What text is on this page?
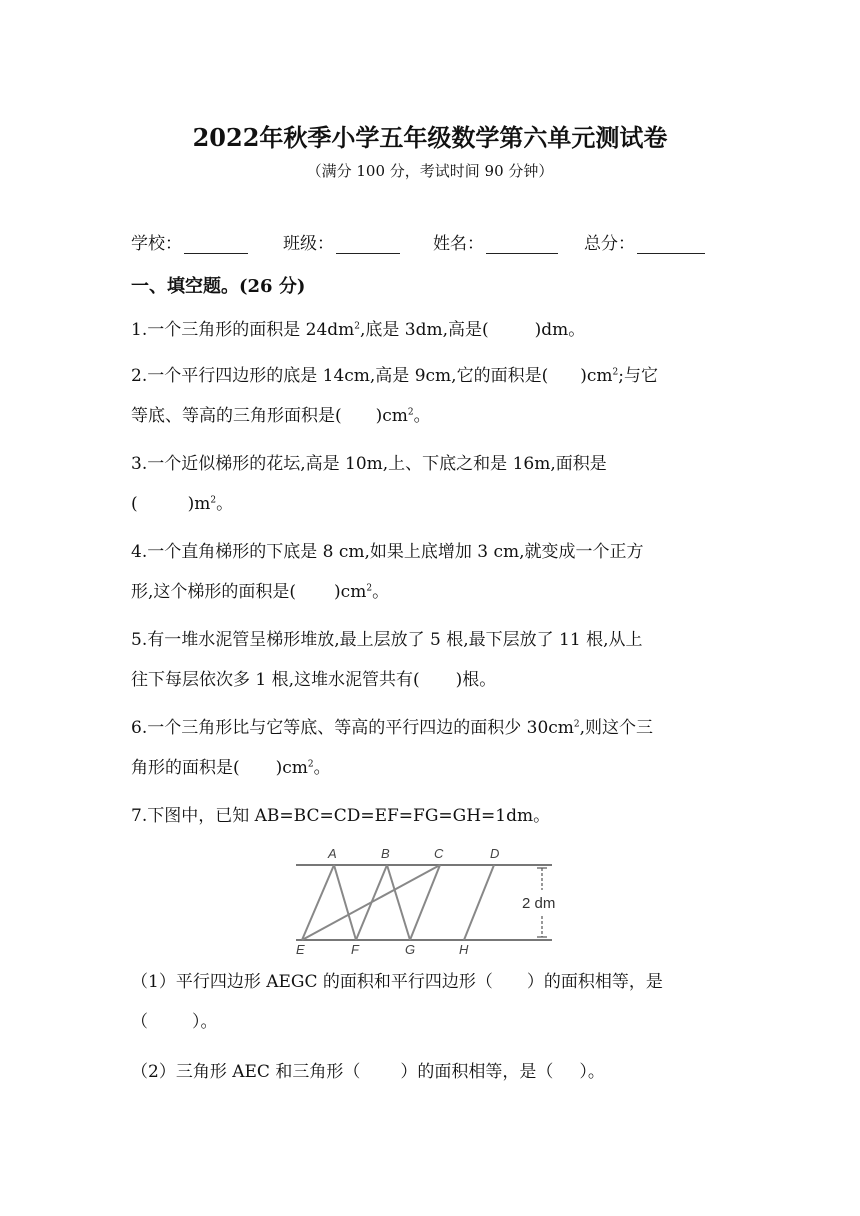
2022年秋季小学五年级数学第六单元测试卷
（满分 100 分，考试时间 90 分钟）
学校：	班级：	姓名：	总分：
一、填空题。(26 分)
1.一个三角形的面积是 $24dm^2$,底是 3dm,高是(	)dm。
2.一个平行四边形的底是 14cm,高是 9cm,它的面积是( )$cm^2$;与它
等底、等高的三角形面积是( )$cm^2$。
3.一个近似梯形的花坛,高是 10m,上、下底之和是 16m,面积是
(	)$m^2$。
4.一个直角梯形的下底是 8 cm,如果上底增加 3 cm,就变成一个正方
形,这个梯形的面积是( )$cm^2$。
5.有一堆水泥管呈梯形堆放,最上层放了 5 根,最下层放了 11 根,从上
往下每层依次多 1 根,这堆水泥管共有( )根。
6.一个三角形比与它等底、等高的平行四边的面积少 $30cm^2$,则这个三
角形的面积是( )$cm^2$。
7.下图中，已知 AB=BC=CD=EF=FG=GH=1dm。
A	B	C	D
E	F	G	H
2 dm
（1）平行四边形 AEGC 的面积和平行四边形（ ）的面积相等，是
（	）。
（2）三角形 AEC 和三角形（ ）的面积相等，是（ ）。
